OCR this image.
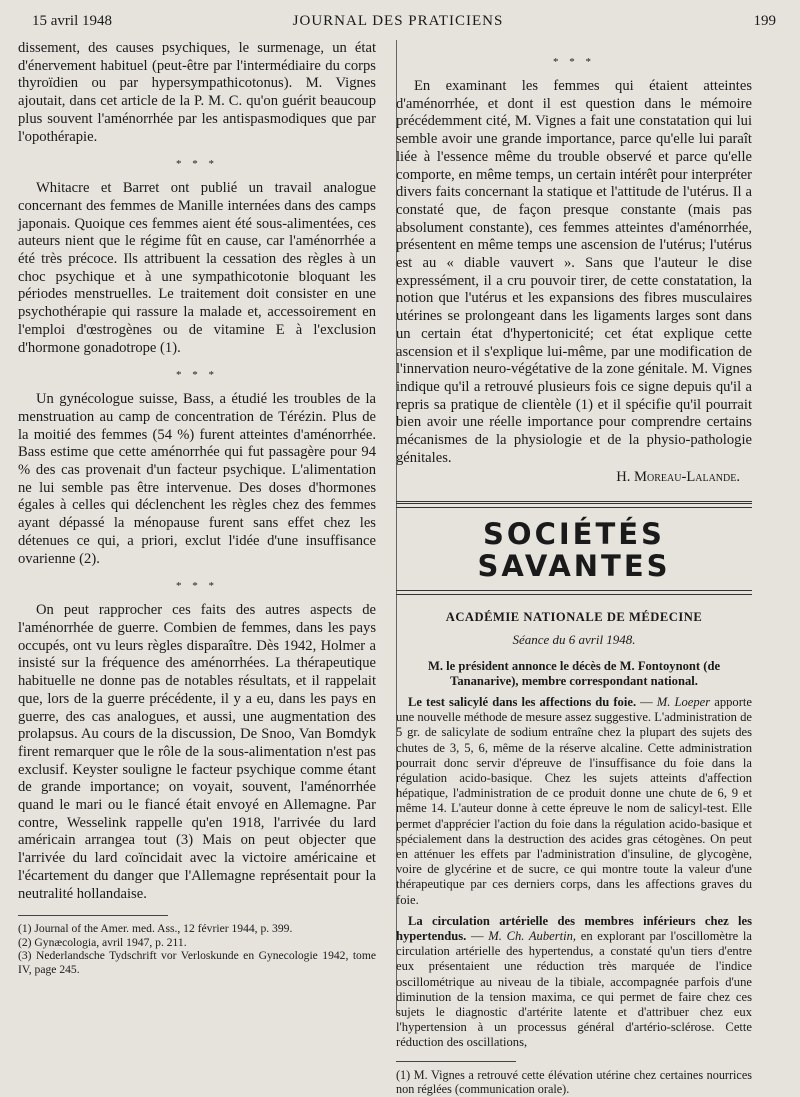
15 avril 1948	JOURNAL DES PRATICIENS	199

dissement, des causes psychiques, le surmenage, un état d'énervement habituel (peut-être par l'intermédiaire du corps thyroïdien ou par hypersympathicotonus). M. Vignes ajoutait, dans cet article de la P. M. C. qu'on guérit beaucoup plus souvent l'aménorrhée par les antispasmodiques que par l'opothérapie.

* * *

Whitacre et Barret ont publié un travail analogue concernant des femmes de Manille internées dans des camps japonais. Quoique ces femmes aient été sous-alimentées, ces auteurs nient que le régime fût en cause, car l'aménorrhée a été très précoce. Ils attribuent la cessation des règles à un choc psychique et à une sympathicotonie bloquant les périodes menstruelles. Le traitement doit consister en une psychothérapie qui rassure la malade et, accessoirement en l'emploi d'œstrogènes ou de vitamine E à l'exclusion d'hormone gonadotrope (1).

* * *

Un gynécologue suisse, Bass, a étudié les troubles de la menstruation au camp de concentration de Térézin. Plus de la moitié des femmes (54 %) furent atteintes d'aménorrhée. Bass estime que cette aménorrhée qui fut passagère pour 94 % des cas provenait d'un facteur psychique. L'alimentation ne lui semble pas être intervenue. Des doses d'hormones égales à celles qui déclenchent les règles chez des femmes ayant dépassé la ménopause furent sans effet chez les détenues ce qui, a priori, exclut l'idée d'une insuffisance ovarienne (2).

* * *

On peut rapprocher ces faits des autres aspects de l'aménorrhée de guerre. Combien de femmes, dans les pays occupés, ont vu leurs règles disparaître. Dès 1942, Holmer a insisté sur la fréquence des aménorrhées. La thérapeutique habituelle ne donne pas de notables résultats, et il rappelait que, lors de la guerre précédente, il y a eu, dans les pays en guerre, des cas analogues, et aussi, une augmentation des prolapsus. Au cours de la discussion, De Snoo, Van Bomdyk firent remarquer que le rôle de la sous-alimentation n'est pas exclusif. Keyster souligne le facteur psychique comme étant de grande importance; on voyait, souvent, l'aménorrhée quand le mari ou le fiancé était envoyé en Allemagne. Par contre, Wesselink rappelle qu'en 1918, l'arrivée du lard américain arrangea tout (3) Mais on peut objecter que l'arrivée du lard coïncidait avec la victoire américaine et l'écartement du danger que l'Allemagne représentait pour la neutralité hollandaise.

(1) Journal of the Amer. med. Ass., 12 février 1944, p. 399.

(2) Gynæcologia, avril 1947, p. 211.

(3) Nederlandsche Tydschrift vor Verloskunde en Gynecologie 1942, tome IV, page 245.

* * *

En examinant les femmes qui étaient atteintes d'aménorrhée, et dont il est question dans le mémoire précédemment cité, M. Vignes a fait une constatation qui lui semble avoir une grande importance, parce qu'elle lui paraît liée à l'essence même du trouble observé et parce qu'elle comporte, en même temps, un certain intérêt pour interpréter divers faits concernant la statique et l'attitude de l'utérus. Il a constaté que, de façon presque constante (mais pas absolument constante), ces femmes atteintes d'aménorrhée, présentent en même temps une ascension de l'utérus; l'utérus est au « diable vauvert ». Sans que l'auteur le dise expressément, il a cru pouvoir tirer, de cette constatation, la notion que l'utérus et les expansions des fibres musculaires utérines se prolongeant dans les ligaments larges sont dans un certain état d'hypertonicité; cet état explique cette ascension et il s'explique lui-même, par une modification de l'innervation neuro-végétative de la zone génitale. M. Vignes indique qu'il a retrouvé plusieurs fois ce signe depuis qu'il a repris sa pratique de clientèle (1) et il spécifie qu'il pourrait bien avoir une réelle importance pour comprendre certains mécanismes de la physiologie et de la physio-pathologie génitales.

H. Moreau-Lalande.
SOCIÉTÉS SAVANTES
ACADÉMIE NATIONALE DE MÉDECINE
Séance du 6 avril 1948.

M. le président annonce le décès de M. Fontoynont (de Tananarive), membre correspondant national.

Le test salicylé dans les affections du foie. — M. Loeper apporte une nouvelle méthode de mesure assez suggestive. L'administration de 5 gr. de salicylate de sodium entraîne chez la plupart des sujets des chutes de 3, 5, 6, même de la réserve alcaline. Cette administration pourrait donc servir d'épreuve de l'insuffisance du foie dans la régulation acido-basique. Chez les sujets atteints d'affection hépatique, l'administration de ce produit donne une chute de 6, 9 et même 14. L'auteur donne à cette épreuve le nom de salicyl-test. Elle permet d'apprécier l'action du foie dans la régulation acido-basique et spécialement dans la destruction des acides gras cétogènes. On peut en atténuer les effets par l'administration d'insuline, de glycogène, voire de glycérine et de sucre, ce qui montre toute la valeur d'une thérapeutique par ces derniers corps, dans les affections graves du foie.

La circulation artérielle des membres inférieurs chez les hypertendus. — M. Ch. Aubertin, en explorant par l'oscillomètre la circulation artérielle des hypertendus, a constaté qu'un tiers d'entre eux présentaient une réduction très marquée de l'indice oscillométrique au niveau de la tibiale, accompagnée parfois d'une diminution de la tension maxima, ce qui permet de faire chez ces sujets le diagnostic d'artérite latente et d'attribuer chez eux l'hypertension à un processus général d'artério-sclérose. Cette réduction des oscillations,

(1) M. Vignes a retrouvé cette élévation utérine chez certaines nourrices non réglées (communication orale).
